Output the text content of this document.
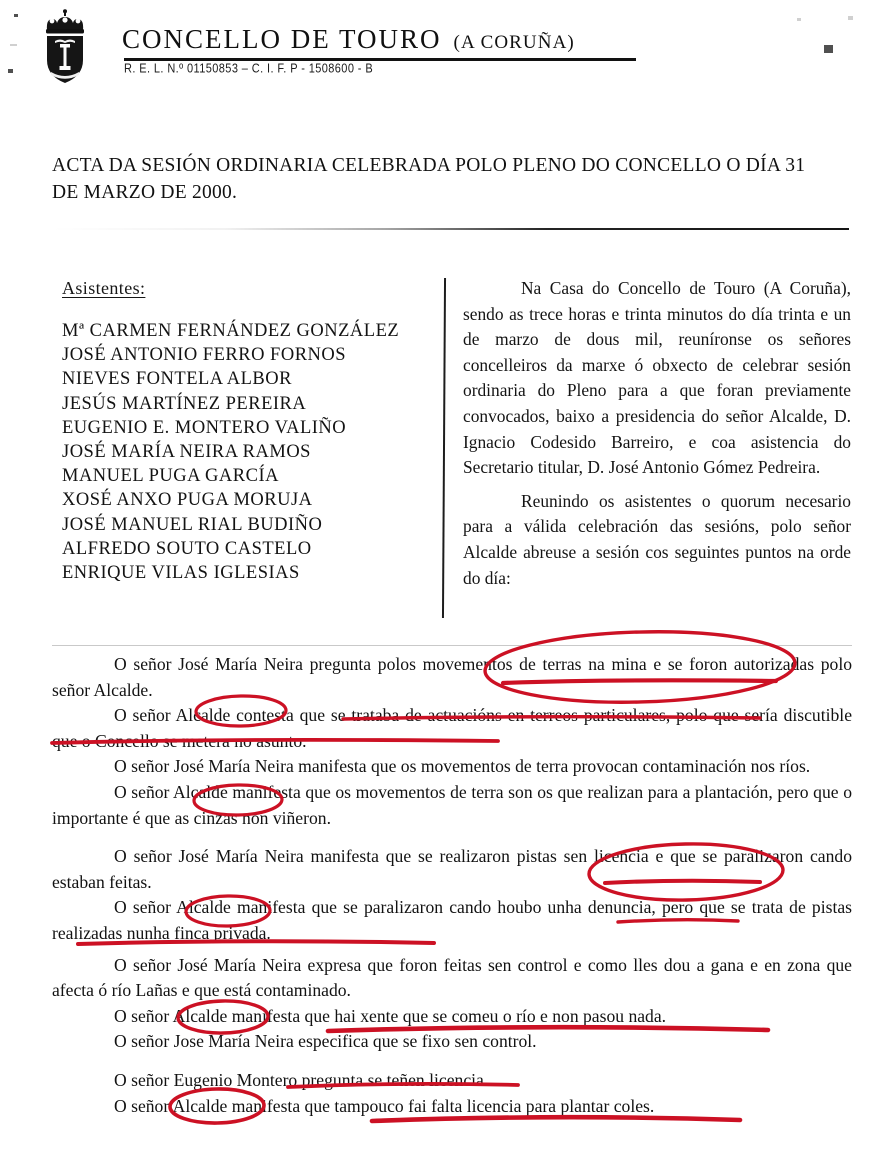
CONCELLO DE TOURO (A CORUÑA)
R. E. L. N.º 01150853 – C. I. F. P - 1508600 - B
ACTA DA SESIÓN ORDINARIA CELEBRADA POLO PLENO DO CONCELLO O DÍA 31
DE MARZO DE 2000.
Asistentes:
Mª CARMEN FERNÁNDEZ GONZÁLEZ
JOSÉ ANTONIO FERRO FORNOS
NIEVES FONTELA ALBOR
JESÚS MARTÍNEZ PEREIRA
EUGENIO E. MONTERO VALIÑO
JOSÉ MARÍA NEIRA RAMOS
MANUEL PUGA GARCÍA
XOSÉ ANXO PUGA MORUJA
JOSÉ MANUEL RIAL BUDIÑO
ALFREDO SOUTO CASTELO
ENRIQUE VILAS IGLESIAS

Na Casa do Concello de Touro (A Coruña), sendo as trece horas e trinta minutos do día trinta e un de marzo de dous mil, reuníronse os señores concelleiros da marxe ó obxecto de celebrar sesión ordinaria do Pleno para a que foran previamente convocados, baixo a presidencia do señor Alcalde, D. Ignacio Codesido Barreiro, e coa asistencia do Secretario titular, D. José Antonio Gómez Pedreira.

Reunindo os asistentes o quorum necesario para a válida celebración das sesións, polo señor Alcalde abreuse a sesión cos seguintes puntos na orde do día:

O señor José María Neira pregunta polos movementos de terras na mina e se foron autorizadas polo señor Alcalde.

O señor Alcalde contesta que se trataba de actuacións en terreos particulares, polo que sería discutible que o Concello se metera no asunto.

O señor José María Neira manifesta que os movementos de terra provocan contaminación nos ríos.

O señor Alcalde manifesta que os movementos de terra son os que realizan para a plantación, pero que o importante é que as cinzas non viñeron.

O señor José María Neira manifesta que se realizaron pistas sen licencia e que se paralizaron cando estaban feitas.

O señor Alcalde manifesta que se paralizaron cando houbo unha denuncia, pero que se trata de pistas realizadas nunha finca privada.

O señor José María Neira expresa que foron feitas sen control e como lles dou a gana e en zona que afecta ó río Lañas e que está contaminado.

O señor Alcalde manifesta que hai xente que se comeu o río e non pasou nada.

O señor Jose María Neira especifica que se fixo sen control.

O señor Eugenio Montero pregunta se teñen licencia.

O señor Alcalde manifesta que tampouco fai falta licencia para plantar coles.
